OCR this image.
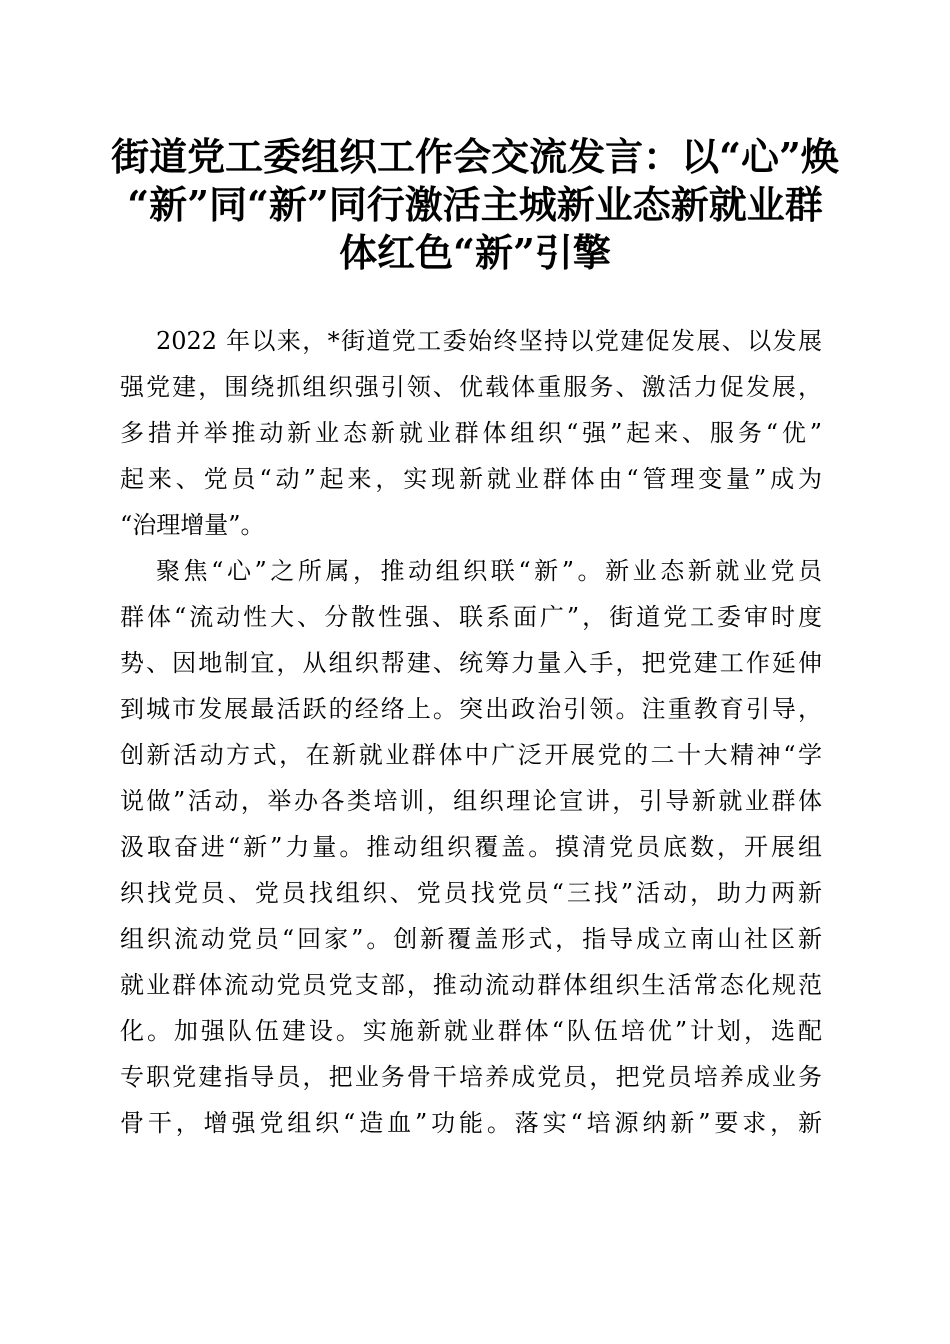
街道党工委组织工作会交流发言：以“心”焕
“新”同“新”同行激活主城新业态新就业群
体红色“新”引擎
2022 年以来，*街道党工委始终坚持以党建促发展、以发展
强党建，围绕抓组织强引领、优载体重服务、激活力促发展，
多措并举推动新业态新就业群体组织“强”起来、服务“优”
起来、党员“动”起来，实现新就业群体由“管理变量”成为
“治理增量”。
聚焦“心”之所属，推动组织联“新”。新业态新就业党员
群体“流动性大、分散性强、联系面广”，街道党工委审时度
势、因地制宜，从组织帮建、统筹力量入手，把党建工作延伸
到城市发展最活跃的经络上。突出政治引领。注重教育引导，
创新活动方式，在新就业群体中广泛开展党的二十大精神“学
说做”活动，举办各类培训，组织理论宣讲，引导新就业群体
汲取奋进“新”力量。推动组织覆盖。摸清党员底数，开展组
织找党员、党员找组织、党员找党员“三找”活动，助力两新
组织流动党员“回家”。创新覆盖形式，指导成立南山社区新
就业群体流动党员党支部，推动流动群体组织生活常态化规范
化。加强队伍建设。实施新就业群体“队伍培优”计划，选配
专职党建指导员，把业务骨干培养成党员，把党员培养成业务
骨干，增强党组织“造血”功能。落实“培源纳新”要求，新
